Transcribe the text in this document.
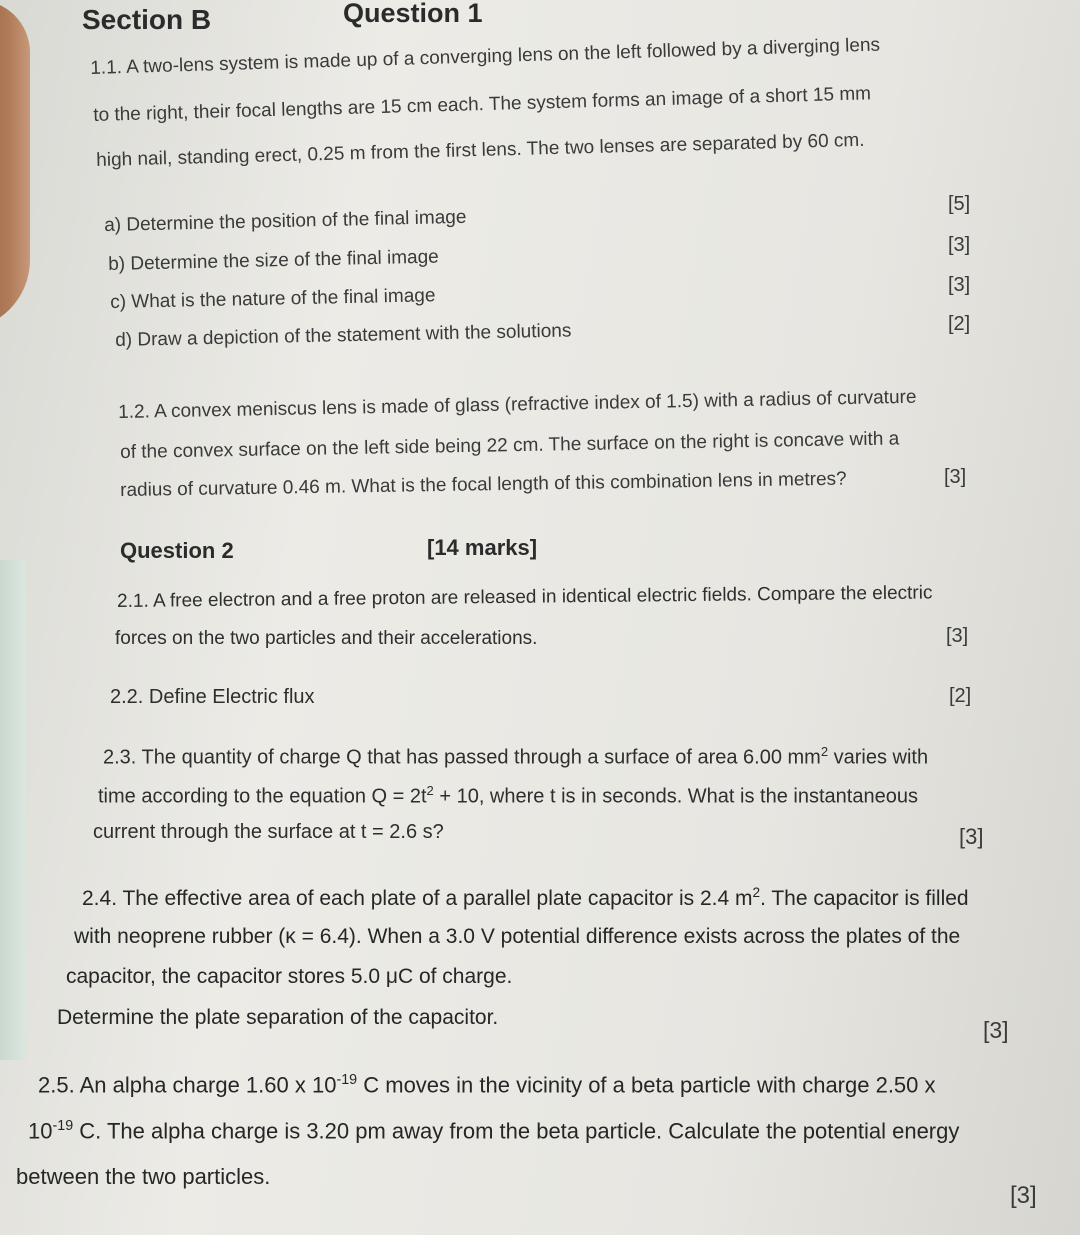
Section B	Question 1
1.1. A two-lens system is made up of a converging lens on the left followed by a diverging lens
to the right, their focal lengths are 15 cm each. The system forms an image of a short 15 mm
high nail, standing erect, 0.25 m from the first lens. The two lenses are separated by 60 cm.
a) Determine the position of the final image
[5]
b) Determine the size of the final image
[3]
c) What is the nature of the final image
[3]
d) Draw a depiction of the statement with the solutions	[2]
1.2. A convex meniscus lens is made of glass (refractive index of 1.5) with a radius of curvature
of the convex surface on the left side being 22 cm. The surface on the right is concave with a
radius of curvature 0.46 m. What is the focal length of this combination lens in metres?	[3]
Question 2	[14 marks]
2.1. A free electron and a free proton are released in identical electric fields. Compare the electric
forces on the two particles and their accelerations.	[3]
2.2. Define Electric flux	[2]
2.3. The quantity of charge Q that has passed through a surface of area 6.00 $mm^2$ varies with
time according to the equation $Q = 2t^2 + 10$, where t is in seconds. What is the instantaneous
current through the surface at t = 2.6 s?	[3]
2.4. The effective area of each plate of a parallel plate capacitor is 2.4 $m^2$. The capacitor is filled
with neoprene rubber (κ = 6.4). When a 3.0 V potential difference exists across the plates of the
capacitor, the capacitor stores 5.0 μC of charge.
Determine the plate separation of the capacitor.	[3]
2.5. An alpha charge 1.60 x $10^{-19}$ C moves in the vicinity of a beta particle with charge 2.50 x
$10^{-19}$ C. The alpha charge is 3.20 pm away from the beta particle. Calculate the potential energy
between the two particles.
[3]
